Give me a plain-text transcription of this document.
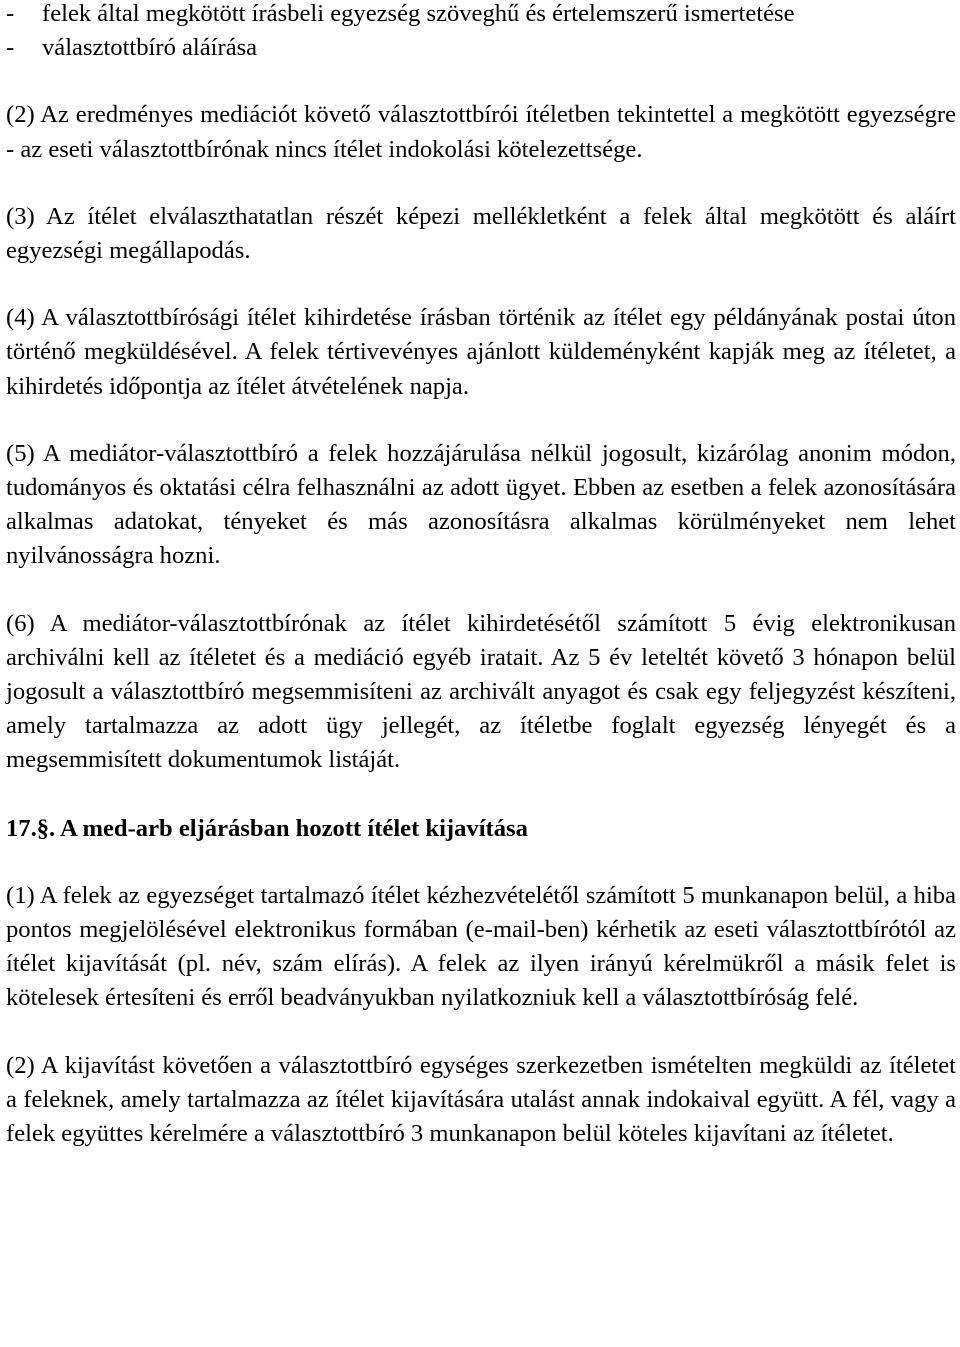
-	felek által megkötött írásbeli egyezség szöveghű és értelemszerű ismertetése
-	választottbíró aláírása

(2) Az eredményes mediációt követő választottbírói ítéletben tekintettel a megkötött egyezségre - az eseti választottbírónak nincs ítélet indokolási kötelezettsége.

(3) Az ítélet elválaszthatatlan részét képezi mellékletként a felek által megkötött és aláírt egyezségi megállapodás.

(4) A választottbírósági ítélet kihirdetése írásban történik az ítélet egy példányának postai úton történő megküldésével. A felek tértivevényes ajánlott küldeményként kapják meg az ítéletet, a kihirdetés időpontja az ítélet átvételének napja.

(5) A mediátor-választottbíró a felek hozzájárulása nélkül jogosult, kizárólag anonim módon, tudományos és oktatási célra felhasználni az adott ügyet. Ebben az esetben a felek azonosítására alkalmas adatokat, tényeket és más azonosításra alkalmas körülményeket nem lehet nyilvánosságra hozni.

(6) A mediátor-választottbírónak az ítélet kihirdetésétől számított 5 évig elektronikusan archiválni kell az ítéletet és a mediáció egyéb iratait. Az 5 év leteltét követő 3 hónapon belül jogosult a választottbíró megsemmisíteni az archivált anyagot és csak egy feljegyzést készíteni, amely tartalmazza az adott ügy jellegét, az ítéletbe foglalt egyezség lényegét és a megsemmisített dokumentumok listáját.

17.§. A med-arb eljárásban hozott ítélet kijavítása

(1) A felek az egyezséget tartalmazó ítélet kézhezvételétől számított 5 munkanapon belül, a hiba pontos megjelölésével elektronikus formában (e-mail-ben) kérhetik az eseti választottbírótól az ítélet kijavítását (pl. név, szám elírás). A felek az ilyen irányú kérelmükről a másik felet is kötelesek értesíteni és erről beadványukban nyilatkozniuk kell a választottbíróság felé.

(2) A kijavítást követően a választottbíró egységes szerkezetben ismételten megküldi az ítéletet a feleknek, amely tartalmazza az ítélet kijavítására utalást annak indokaival együtt. A fél, vagy a felek együttes kérelmére a választottbíró 3 munkanapon belül köteles kijavítani az ítéletet.
